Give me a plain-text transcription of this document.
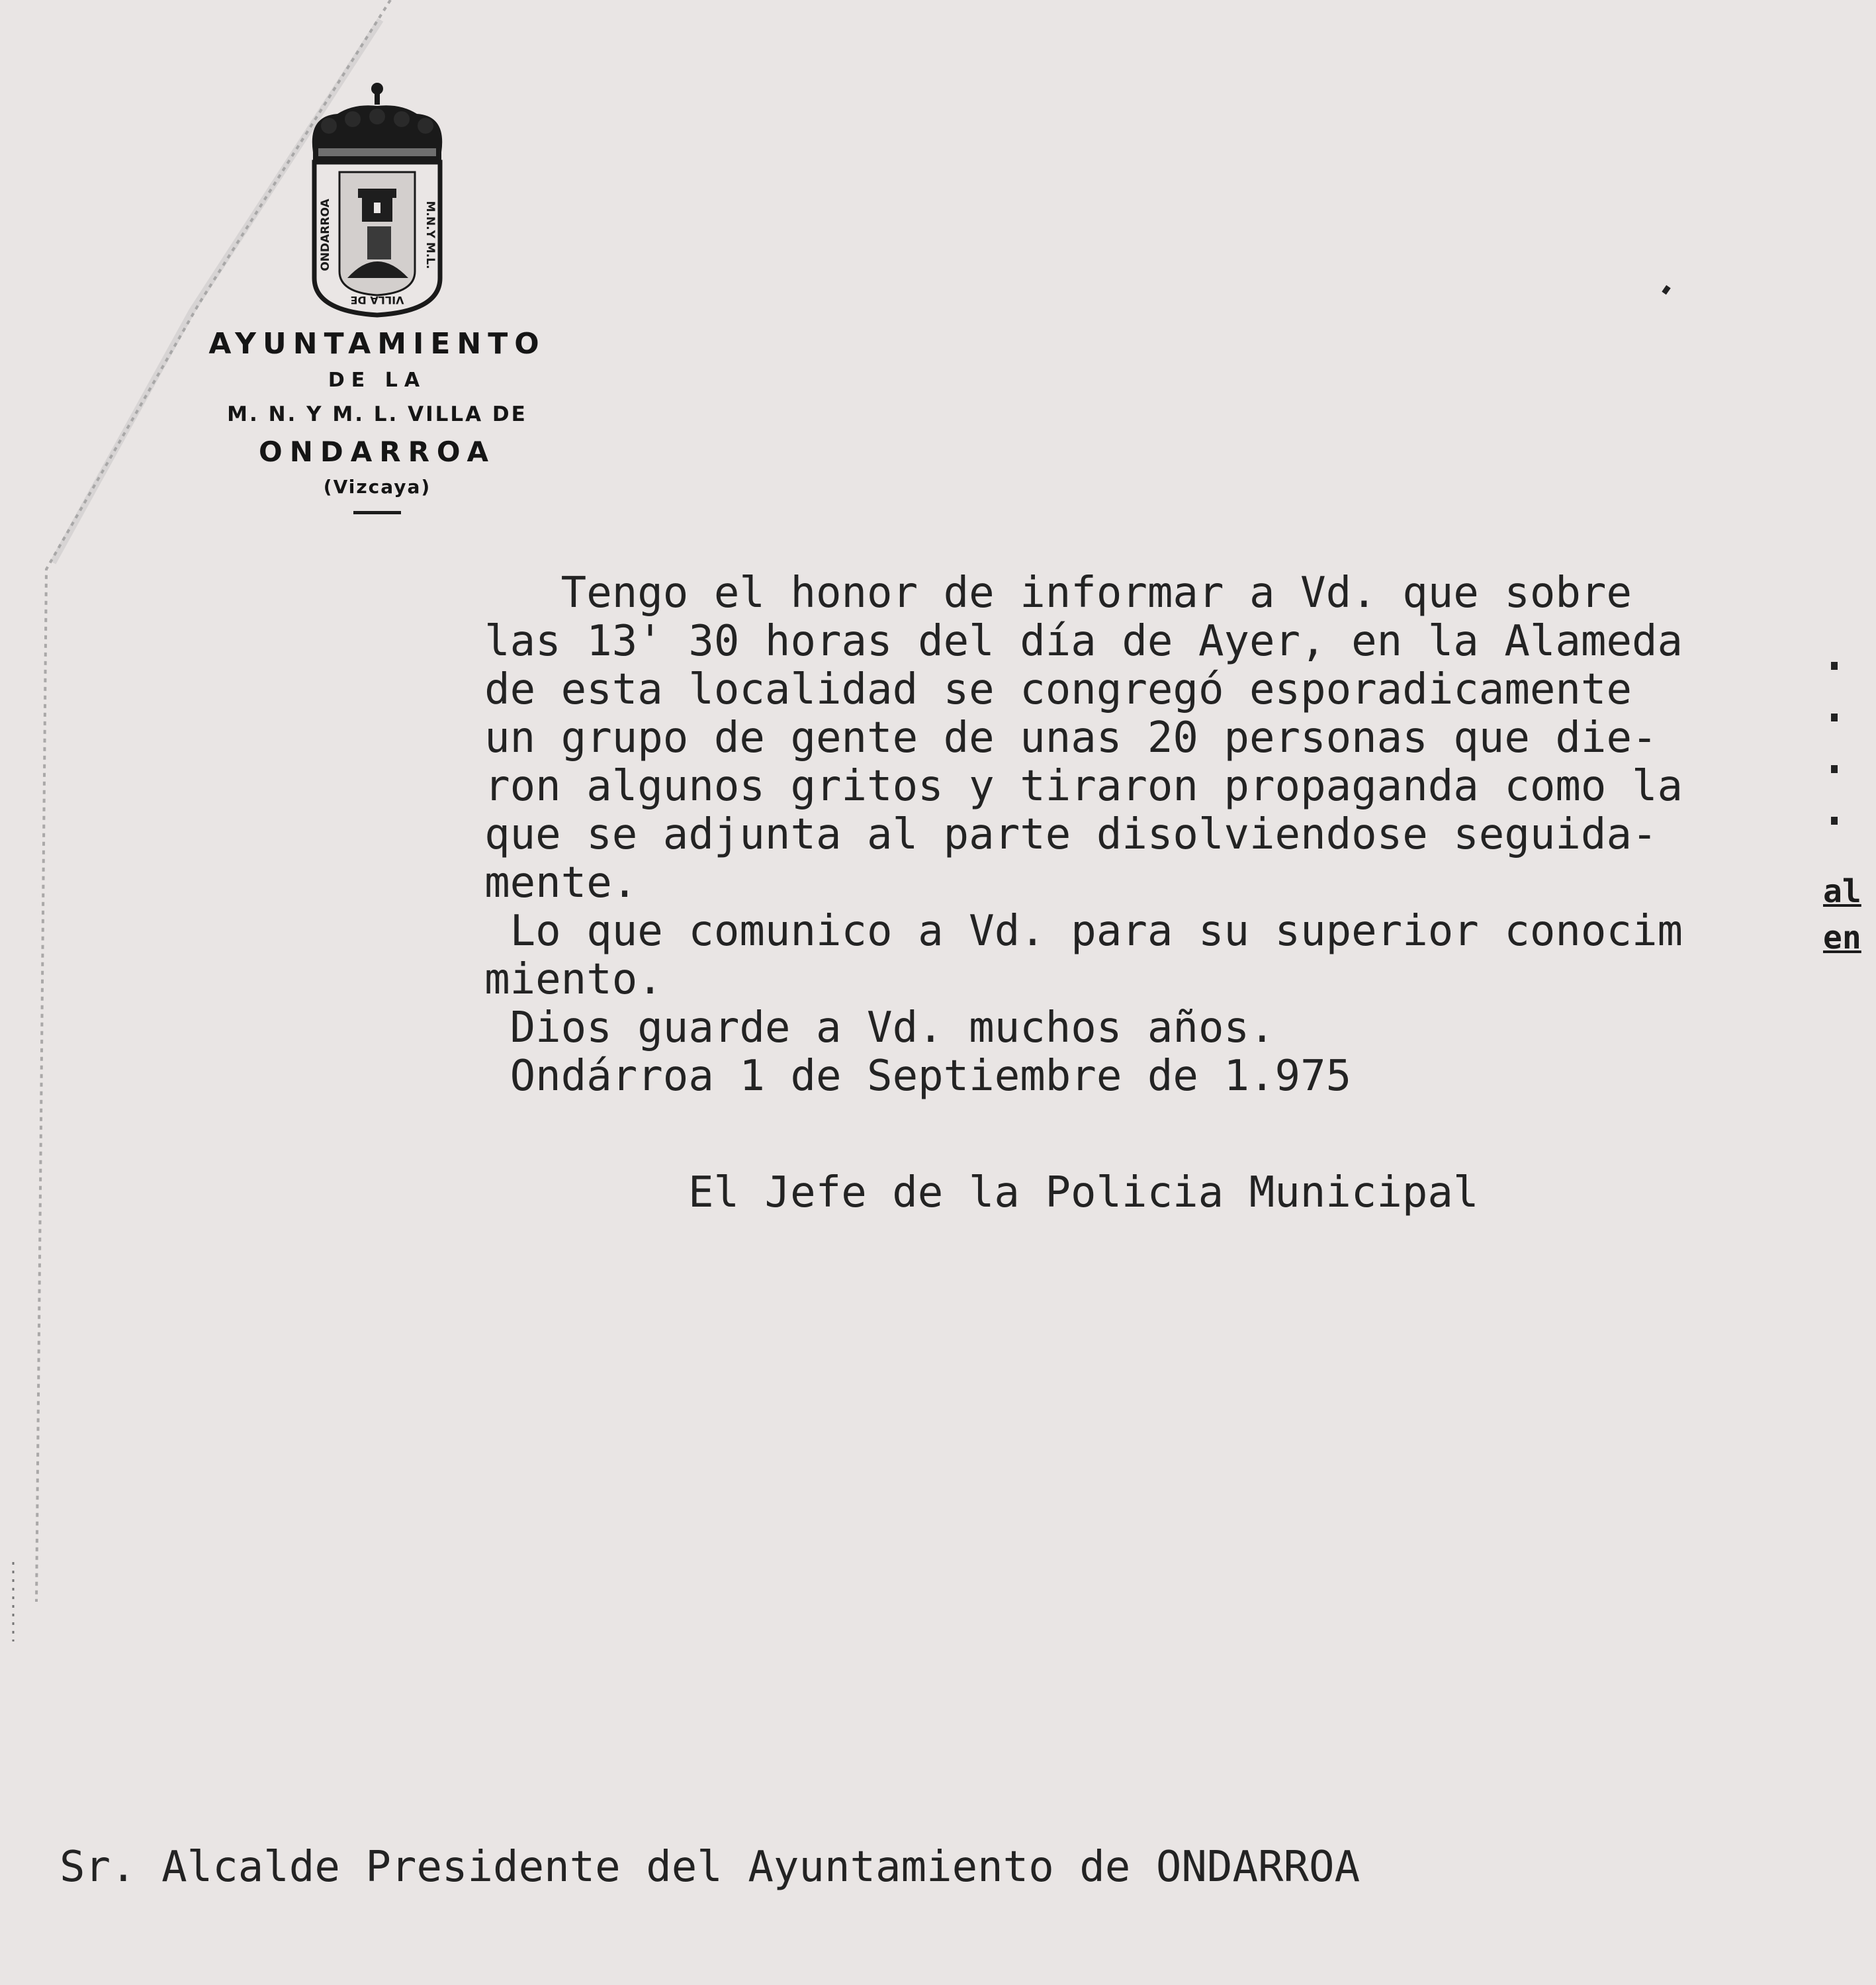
ONDARROA	M.N.Y M.L.
VILLA DE
AYUNTAMIENTO
DE LA
M. N. Y M. L. VILLA DE
ONDARROA
(Vizcaya)
Tengo el honor de informar a Vd. que sobre
las 13' 30 horas del día de Ayer, en la Alameda
de esta localidad se congregó esporadicamente
un grupo de gente de unas 20 personas que die-
ron algunos gritos y tiraron propaganda como la
que se adjunta al parte disolviendose seguida-
mente.
Lo que comunico a Vd. para su superior conocim
miento.
Dios guarde a Vd. muchos años.
Ondárroa 1 de Septiembre de 1.975
El Jefe de la Policia Municipal
Sr. Alcalde Presidente del Ayuntamiento de ONDARROA
al
en
